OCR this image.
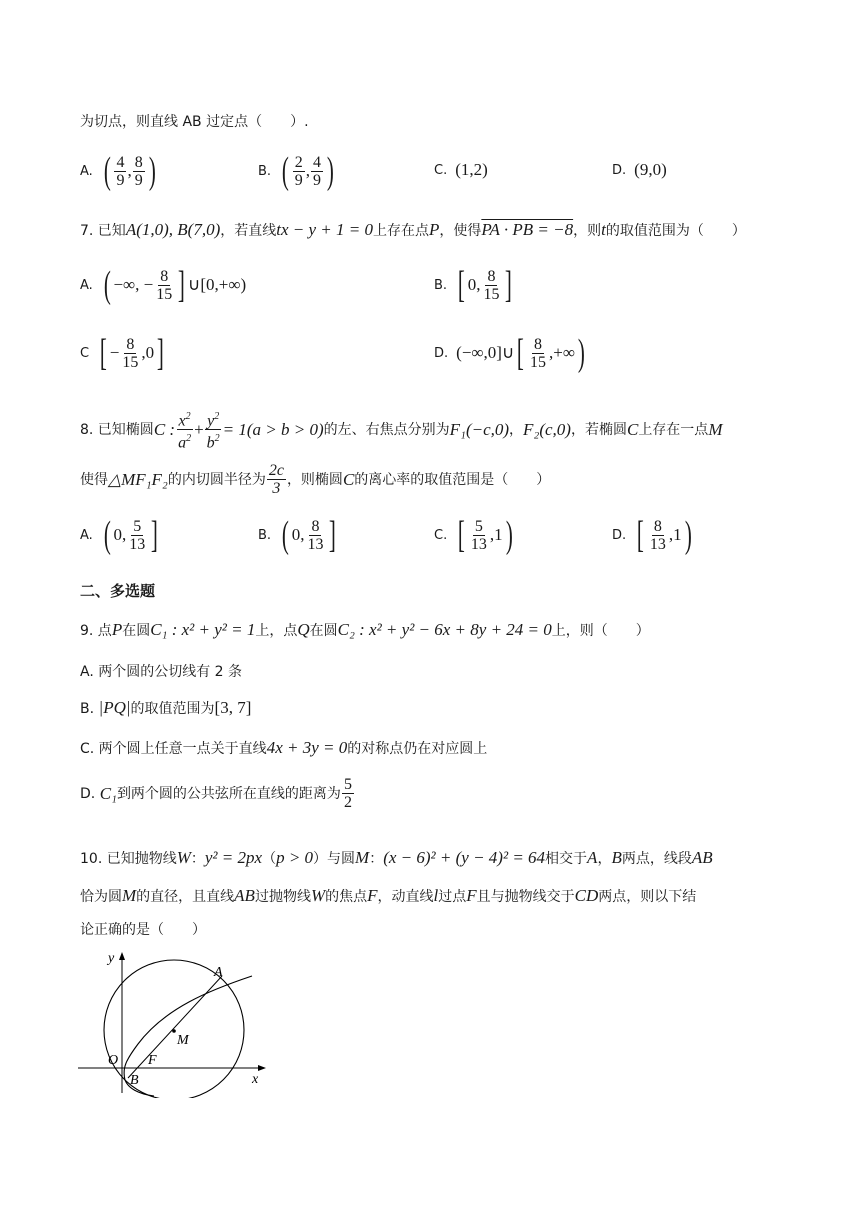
为切点，则直线 AB 过定点（　　）.
A. ( $\frac{4}{9}$ , $\frac{8}{9}$ )	B. ( $\frac{2}{9}$ , $\frac{4}{9}$ )	C. (1,2)	D. (9,0)
7. 已知A(1,0), B(7,0)，若直线tx − y + 1 = 0上存在点P，使得PA · PB = −8，则t的取值范围为（　　）
A. ( −∞, − $\frac{8}{15}$ ] ∪[0,+∞)	B. [ 0, $\frac{8}{15}$ ]
C [ − $\frac{8}{15} ,0$ ]	D. (−∞,0]∪ [ $\frac{8}{15}$ ,+∞ )
8. 已知椭圆 C : $\frac{x^2}{a^2} + \frac{y^2}{b^2} = 1(a > b > 0)$ 的左、右焦点分别为 F₁(−c,0) ， F₂(c,0) ，若椭圆 C 上存在一点 M
使得 △MF₁F₂ 的内切圆半径为 $\frac{2c}{3}$ ，则椭圆 C 的离心率的取值范围是（　　）
A. ( 0, $\frac{5}{13}$ ]	B. ( 0, $\frac{8}{13}$ ]	C. [ $\frac{5}{13} ,1$ )	D. [ $\frac{8}{13} ,1$ )
二、多选题
9. 点P在圆C₁ : x² + y² = 1上，点Q在圆C₂ : x² + y² − 6x + 8y + 24 = 0上，则（　　）
A. 两个圆的公切线有 2 条
B. |PQ|的取值范围为[3, 7]
C. 两个圆上任意一点关于直线4x + 3y = 0的对称点仍在对应圆上
D.
C₁ 到两个圆的公共弦所在直线的距离为 $\frac{5}{2}$
10. 已知抛物线W：y² = 2px（p > 0）与圆M：(x − 6)² + (y − 4)² = 64相交于A，B两点，线段AB
恰为圆M的直径，且直线AB过抛物线W的焦点F，动直线l过点F且与抛物线交于CD两点，则以下结
论正确的是（　　）
y
x
O
A
B
M
F
